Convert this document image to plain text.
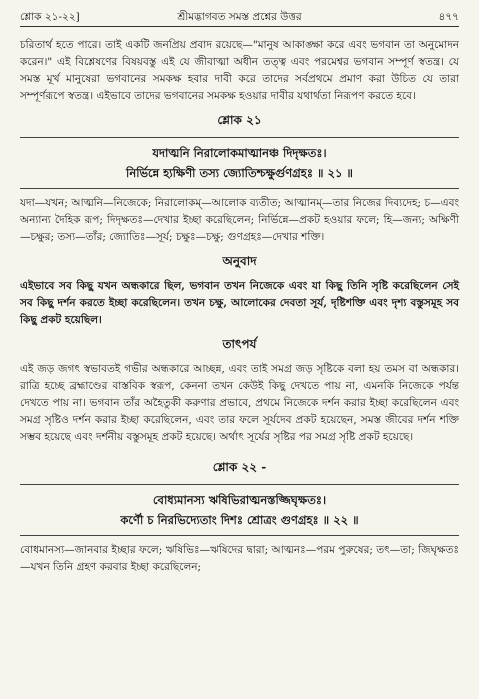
শ্লোক ২১-২২]	শ্রীমদ্ভাগবত সমস্ত প্রশ্নের উত্তর	৪৭৭

চরিতার্থ হতে পারে। তাই একটি জনপ্রিয় প্রবাদ রয়েছে—"মানুষ আকাঙ্ক্ষা করে এবং ভগবান তা অনুমোদন করেন।" এই বিশ্লেষণের বিষয়বস্তু এই যে জীবাত্মা অধীন তত্ত্ব এবং পরমেশ্বর ভগবান সম্পূর্ণ স্বতন্ত্র। যে সমস্ত মূর্খ মানুষেরা ভগবানের সমকক্ষ হবার দাবী করে তাদের সর্বপ্রথমে প্রমাণ করা উচিত যে তারা সম্পূর্ণরূপে স্বতন্ত্র। এইভাবে তাদের ভগবানের সমকক্ষ হওয়ার দাবীর যথার্থতা নিরূপণ করতে হবে।

শ্লোক ২১
যদাত্মনি নিরালোকমাত্মানঞ্চ দিদৃক্ষতঃ।
নির্ভিন্নে হ্যক্ষিণী তস্য জ্যোতিশ্চক্ষুর্গুণগ্রহঃ ॥ ২১ ॥

যদা—যখন; আত্মনি—নিজেকে; নিরালোকম্—আলোক ব্যতীত; আত্মানম্—তার নিজের দিব্যদেহ; চ—এবং অন্যান্য দৈহিক রূপ; দিদৃক্ষতঃ—দেখার ইচ্ছা করেছিলেন; নির্ভিন্নে—প্রকট হওয়ার ফলে; হি—জন্য; অক্ষিণী—চক্ষুর; তস্য—তাঁর; জ্যোতিঃ—সূর্য; চক্ষুঃ—চক্ষু; গুণগ্রহঃ—দেখার শক্তি।

অনুবাদ

এইভাবে সব কিছু যখন অন্ধকারে ছিল, ভগবান তখন নিজেকে এবং যা কিছু তিনি সৃষ্টি করেছিলেন সেই সব কিছু দর্শন করতে ইচ্ছা করেছিলেন। তখন চক্ষু, আলোকের দেবতা সূর্য, দৃষ্টিশক্তি এবং দৃশ্য বস্তুসমূহ সব কিছু প্রকট হয়েছিল।

তাৎপর্য

এই জড় জগৎ স্বভাবতই গভীর অন্ধকারে আচ্ছন্ন, এবং তাই সমগ্র জড় সৃষ্টিকে বলা হয় তমস বা অন্ধকার। রাত্রি হচ্ছে ব্রহ্মাণ্ডের বাস্তবিক স্বরূপ, কেননা তখন কেউই কিছু দেখতে পায় না, এমনকি নিজেকে পর্যন্ত দেখতে পায় না। ভগবান তাঁর অহৈতুকী করুণার প্রভাবে, প্রথমে নিজেকে দর্শন করার ইচ্ছা করেছিলেন এবং সমগ্র সৃষ্টিও দর্শন করার ইচ্ছা করেছিলেন, এবং তার ফলে সূর্যদেব প্রকট হয়েছেন, সমস্ত জীবের দর্শন শক্তি সম্ভব হয়েছে এবং দর্শনীয় বস্তুসমূহ প্রকট হয়েছে। অর্থাৎ সূর্যের সৃষ্টির পর সমগ্র সৃষ্টি প্রকট হয়েছে।

শ্লোক ২২ -
বোধ্যমানস্য ঋষিভিরাত্মনস্তজ্জিঘৃক্ষতঃ।
কর্ণৌ চ নিরভিদ্যেতাং দিশঃ শ্রোত্রং গুণগ্রহঃ ॥ ২২ ॥

বোধমানস্য—জানবার ইচ্ছার ফলে; ঋষিভিঃ—ঋষিদের দ্বারা; আত্মনঃ—পরম পুরুষের; তৎ—তা; জিঘৃক্ষতঃ—যখন তিনি গ্রহণ করবার ইচ্ছা করেছিলেন;
